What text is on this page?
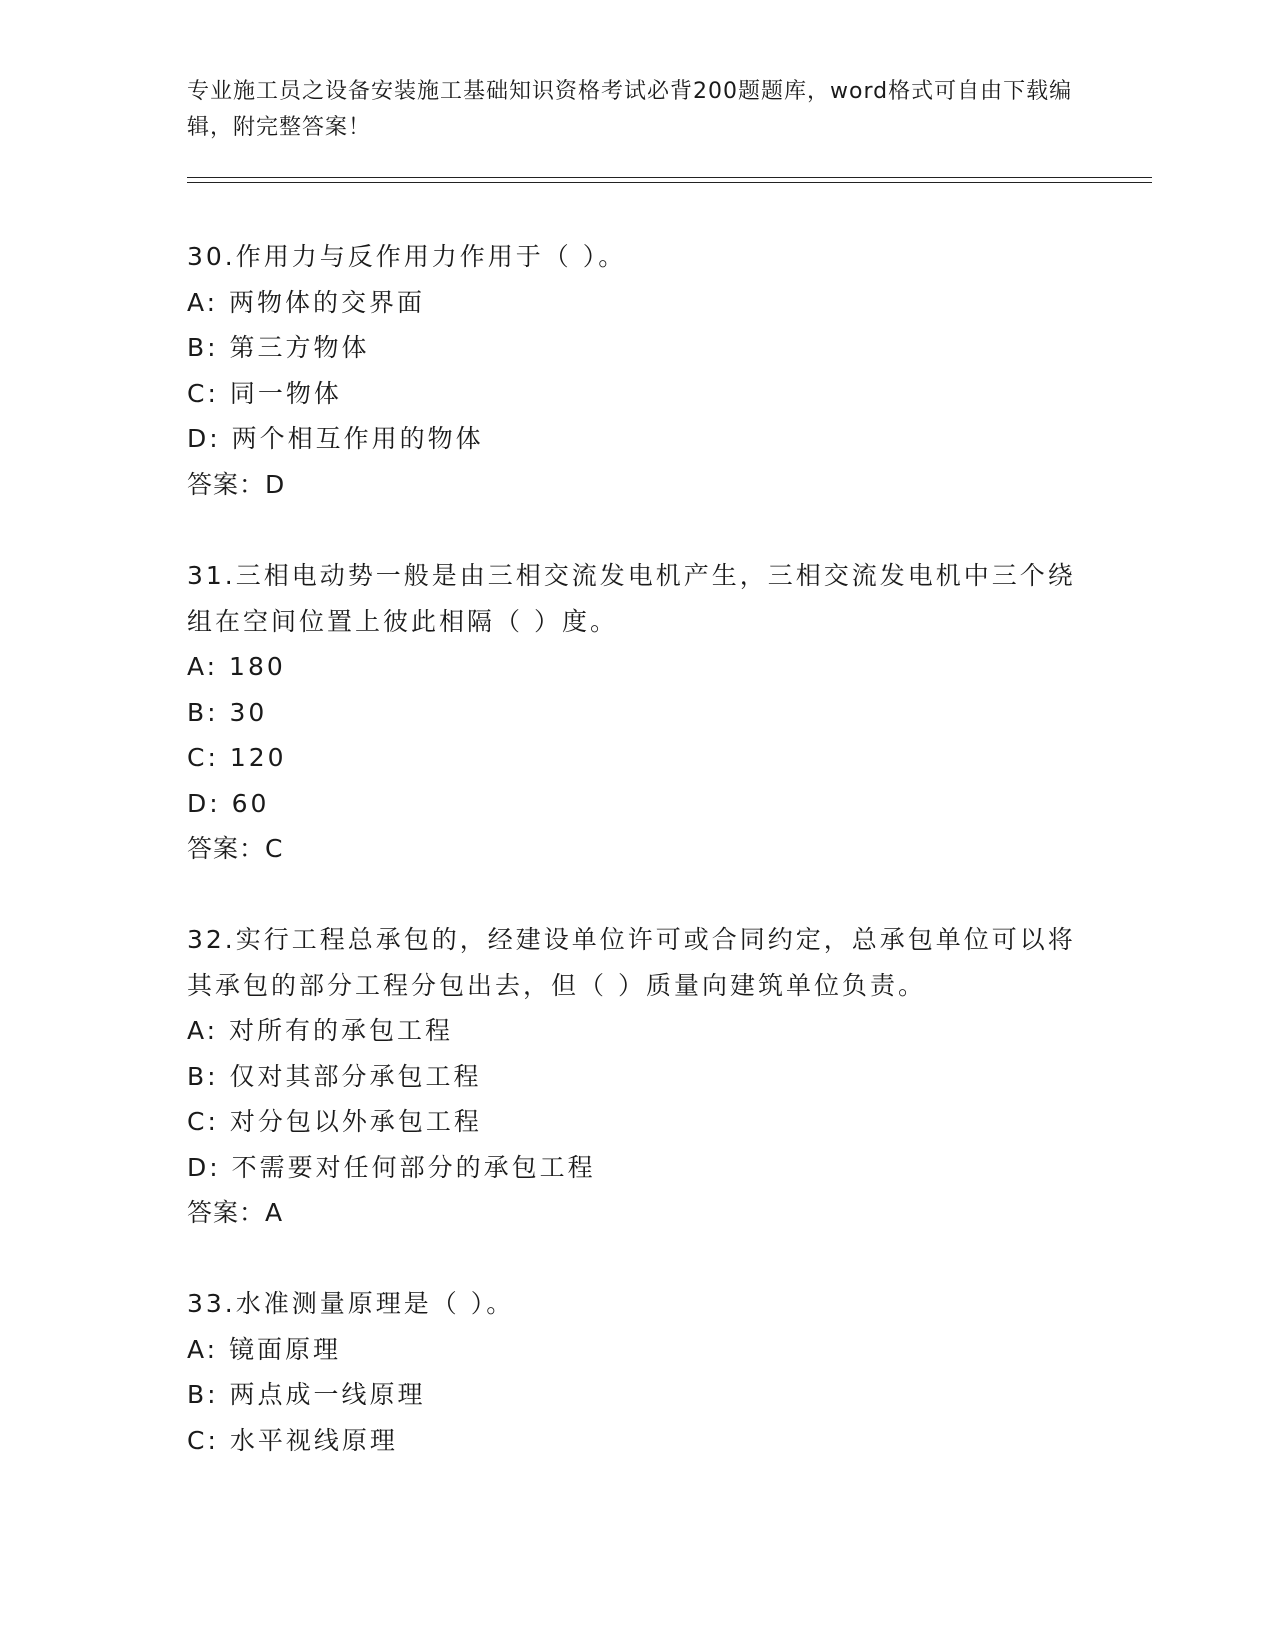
专业施工员之设备安装施工基础知识资格考试必背200题题库，word格式可自由下载编辑，附完整答案！

30.作用力与反作用力作用于（ ）。

A: 两物体的交界面

B: 第三方物体

C: 同一物体

D: 两个相互作用的物体

答案：D

31.三相电动势一般是由三相交流发电机产生，三相交流发电机中三个绕组在空间位置上彼此相隔（ ）度。

A: 180

B: 30

C: 120

D: 60

答案：C

32.实行工程总承包的，经建设单位许可或合同约定，总承包单位可以将其承包的部分工程分包出去，但（ ）质量向建筑单位负责。

A: 对所有的承包工程

B: 仅对其部分承包工程

C: 对分包以外承包工程

D: 不需要对任何部分的承包工程

答案：A

33.水准测量原理是（ ）。

A: 镜面原理

B: 两点成一线原理

C: 水平视线原理
